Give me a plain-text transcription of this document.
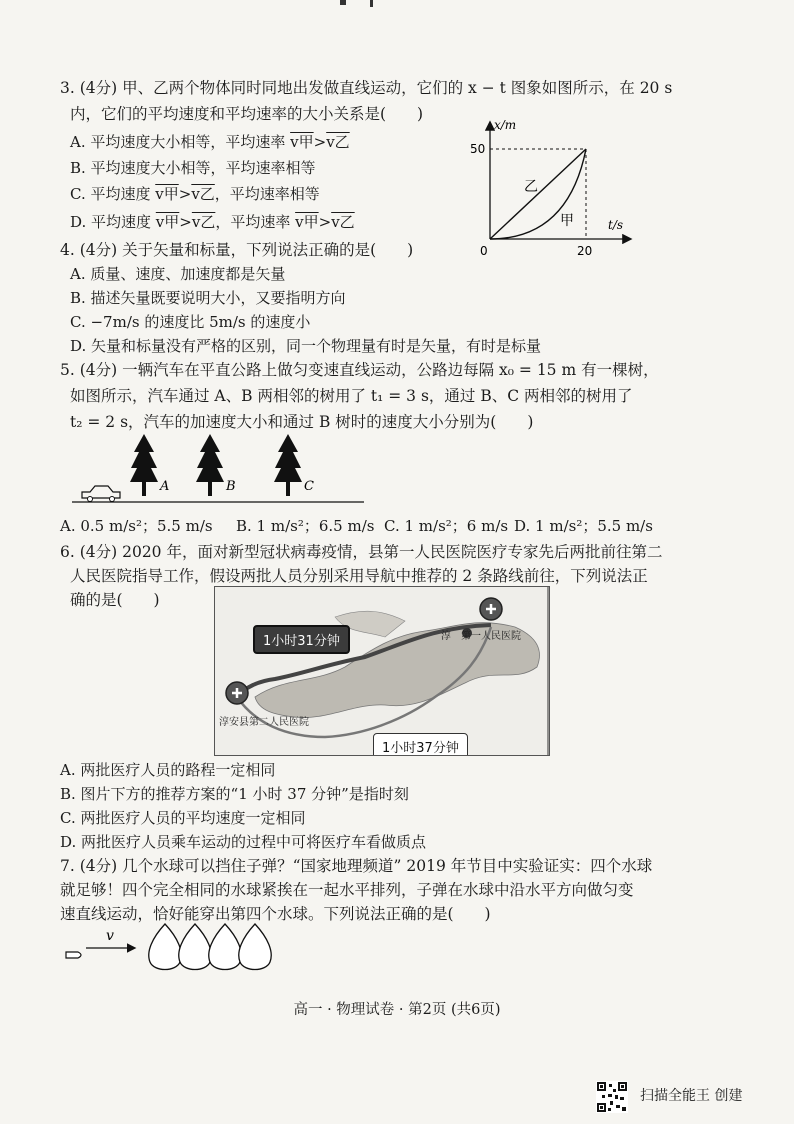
3. (4分) 甲、乙两个物体同时同地出发做直线运动，它们的 x − t 图象如图所示，在 20 s
内，它们的平均速度和平均速率的大小关系是(　　)
A. 平均速度大小相等，平均速率 v甲>v乙
B. 平均速度大小相等，平均速率相等
C. 平均速度 v甲>v乙，平均速率相等
D. 平均速度 v甲>v乙，平均速率 v甲>v乙
x/m
t/s
50
20
0
乙
甲
4. (4分) 关于矢量和标量，下列说法正确的是(　　)
A. 质量、速度、加速度都是矢量
B. 描述矢量既要说明大小，又要指明方向
C. −7m/s 的速度比 5m/s 的速度小
D. 矢量和标量没有严格的区别，同一个物理量有时是矢量，有时是标量
5. (4分) 一辆汽车在平直公路上做匀变速直线运动，公路边每隔 x₀ = 15 m 有一棵树，
如图所示，汽车通过 A、B 两相邻的树用了 t₁ = 3 s，通过 B、C 两相邻的树用了
t₂ = 2 s，汽车的加速度大小和通过 B 树时的速度大小分别为(　　)
A	B	C
A. 0.5 m/s²；5.5 m/s B. 1 m/s²；6.5 m/s C. 1 m/s²；6 m/s D. 1 m/s²；5.5 m/s
6. (4分) 2020 年，面对新型冠状病毒疫情，县第一人民医院医疗专家先后两批前往第二
人民医院指导工作，假设两批人员分别采用导航中推荐的 2 条路线前往，下列说法正
确的是(　　)
1小时31分钟
1小时37分钟
淳　第一人民医院
淳安县第二人民医院
A. 两批医疗人员的路程一定相同
B. 图片下方的推荐方案的“1 小时 37 分钟”是指时刻
C. 两批医疗人员的平均速度一定相同
D. 两批医疗人员乘车运动的过程中可将医疗车看做质点
7. (4分) 几个水球可以挡住子弹？“国家地理频道” 2019 年节目中实验证实：四个水球
就足够！四个完全相同的水球紧挨在一起水平排列，子弹在水球中沿水平方向做匀变
速直线运动，恰好能穿出第四个水球。下列说法正确的是(　　)
v
高一 · 物理试卷 · 第2页 (共6页)
扫描全能王 创建
